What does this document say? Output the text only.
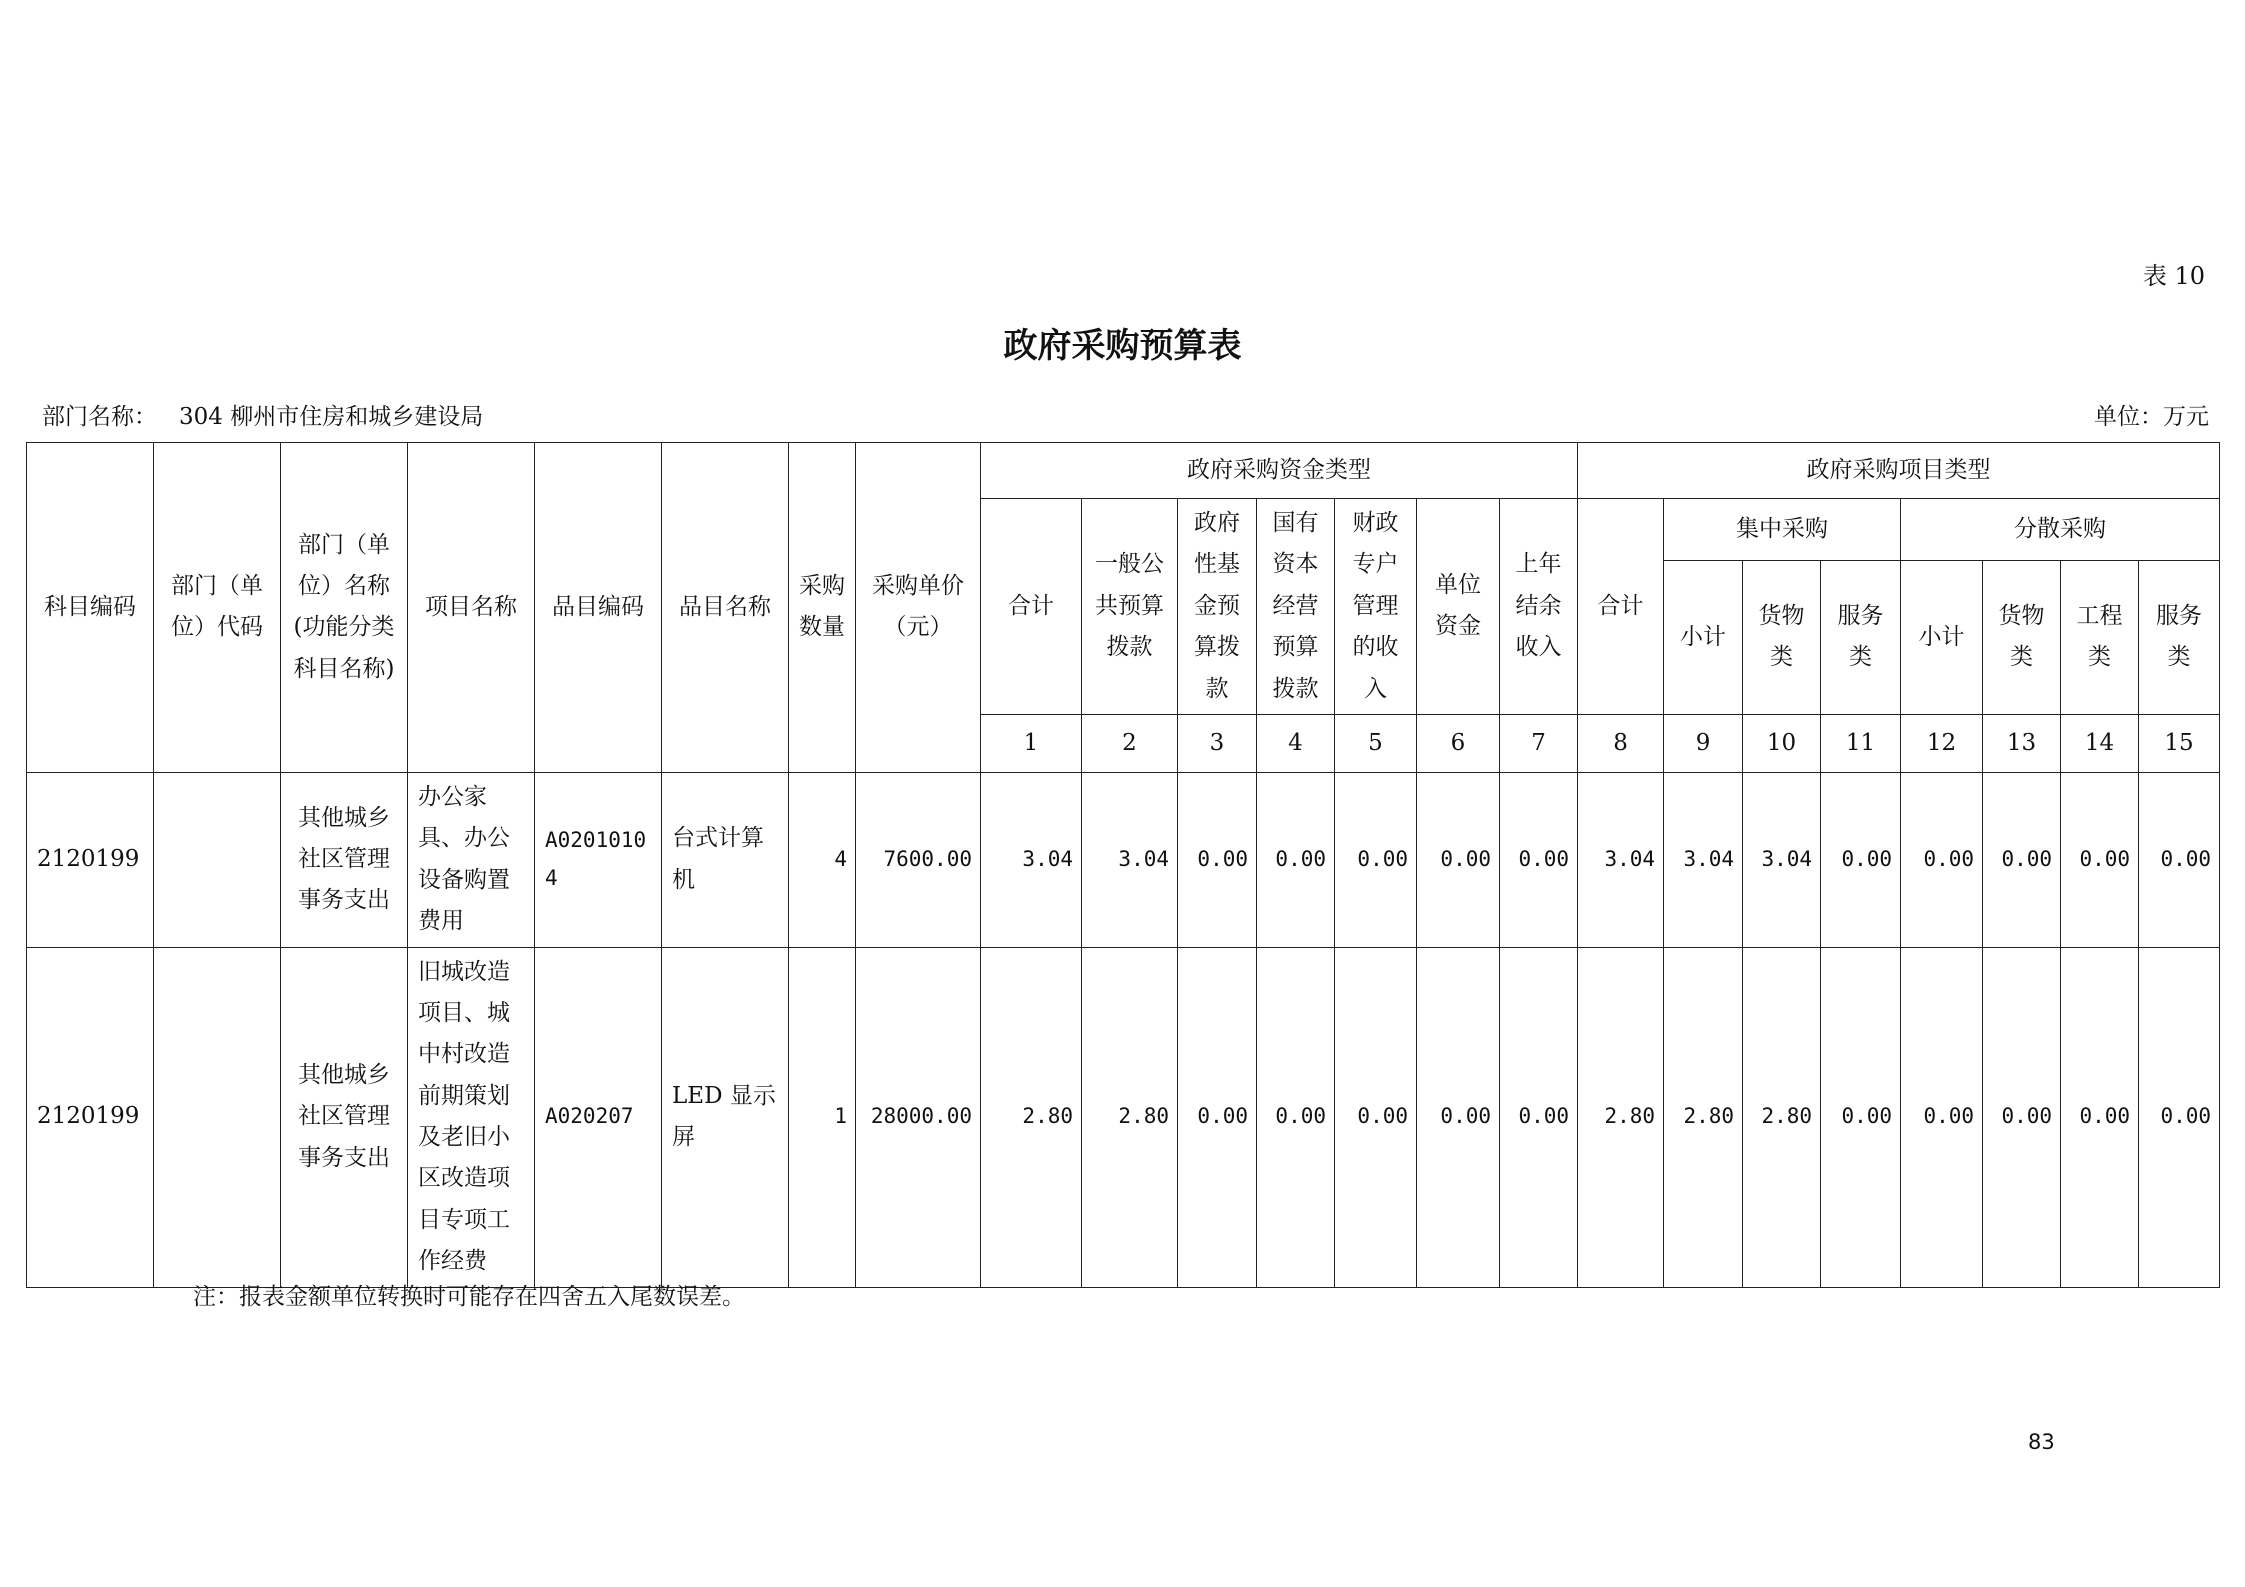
表 10
政府采购预算表
部门名称： 304 柳州市住房和城乡建设局	单位：万元
科目编码	部门（单位）代码	部门（单位）名称(功能分类科目名称)	项目名称	品目编码	品目名称	采购数量	采购单价（元）	政府采购资金类型							政府采购项目类型							
								合计	一般公共预算拨款	政府性基金预算拨款	国有资本经营预算拨款	财政专户管理的收入	单位资金	上年结余收入	合计	集中采购			分散采购			
																小计	货物类	服务类	小计	货物类	工程类	服务类
								1	2	3	4	5	6	7	8	9	10	11	12	13	14	15
2120199		其他城乡社区管理事务支出	办公家具、办公设备购置费用	A02010104	台式计算机	4	7600.00	3.04	3.04	0.00	0.00	0.00	0.00	0.00	3.04	3.04	3.04	0.00	0.00	0.00	0.00	0.00
2120199		其他城乡社区管理事务支出	旧城改造项目、城中村改造前期策划及老旧小区改造项目专项工作经费	A020207	LED 显示屏	1	28000.00	2.80	2.80	0.00	0.00	0.00	0.00	0.00	2.80	2.80	2.80	0.00	0.00	0.00	0.00	0.00
注：报表金额单位转换时可能存在四舍五入尾数误差。
83
